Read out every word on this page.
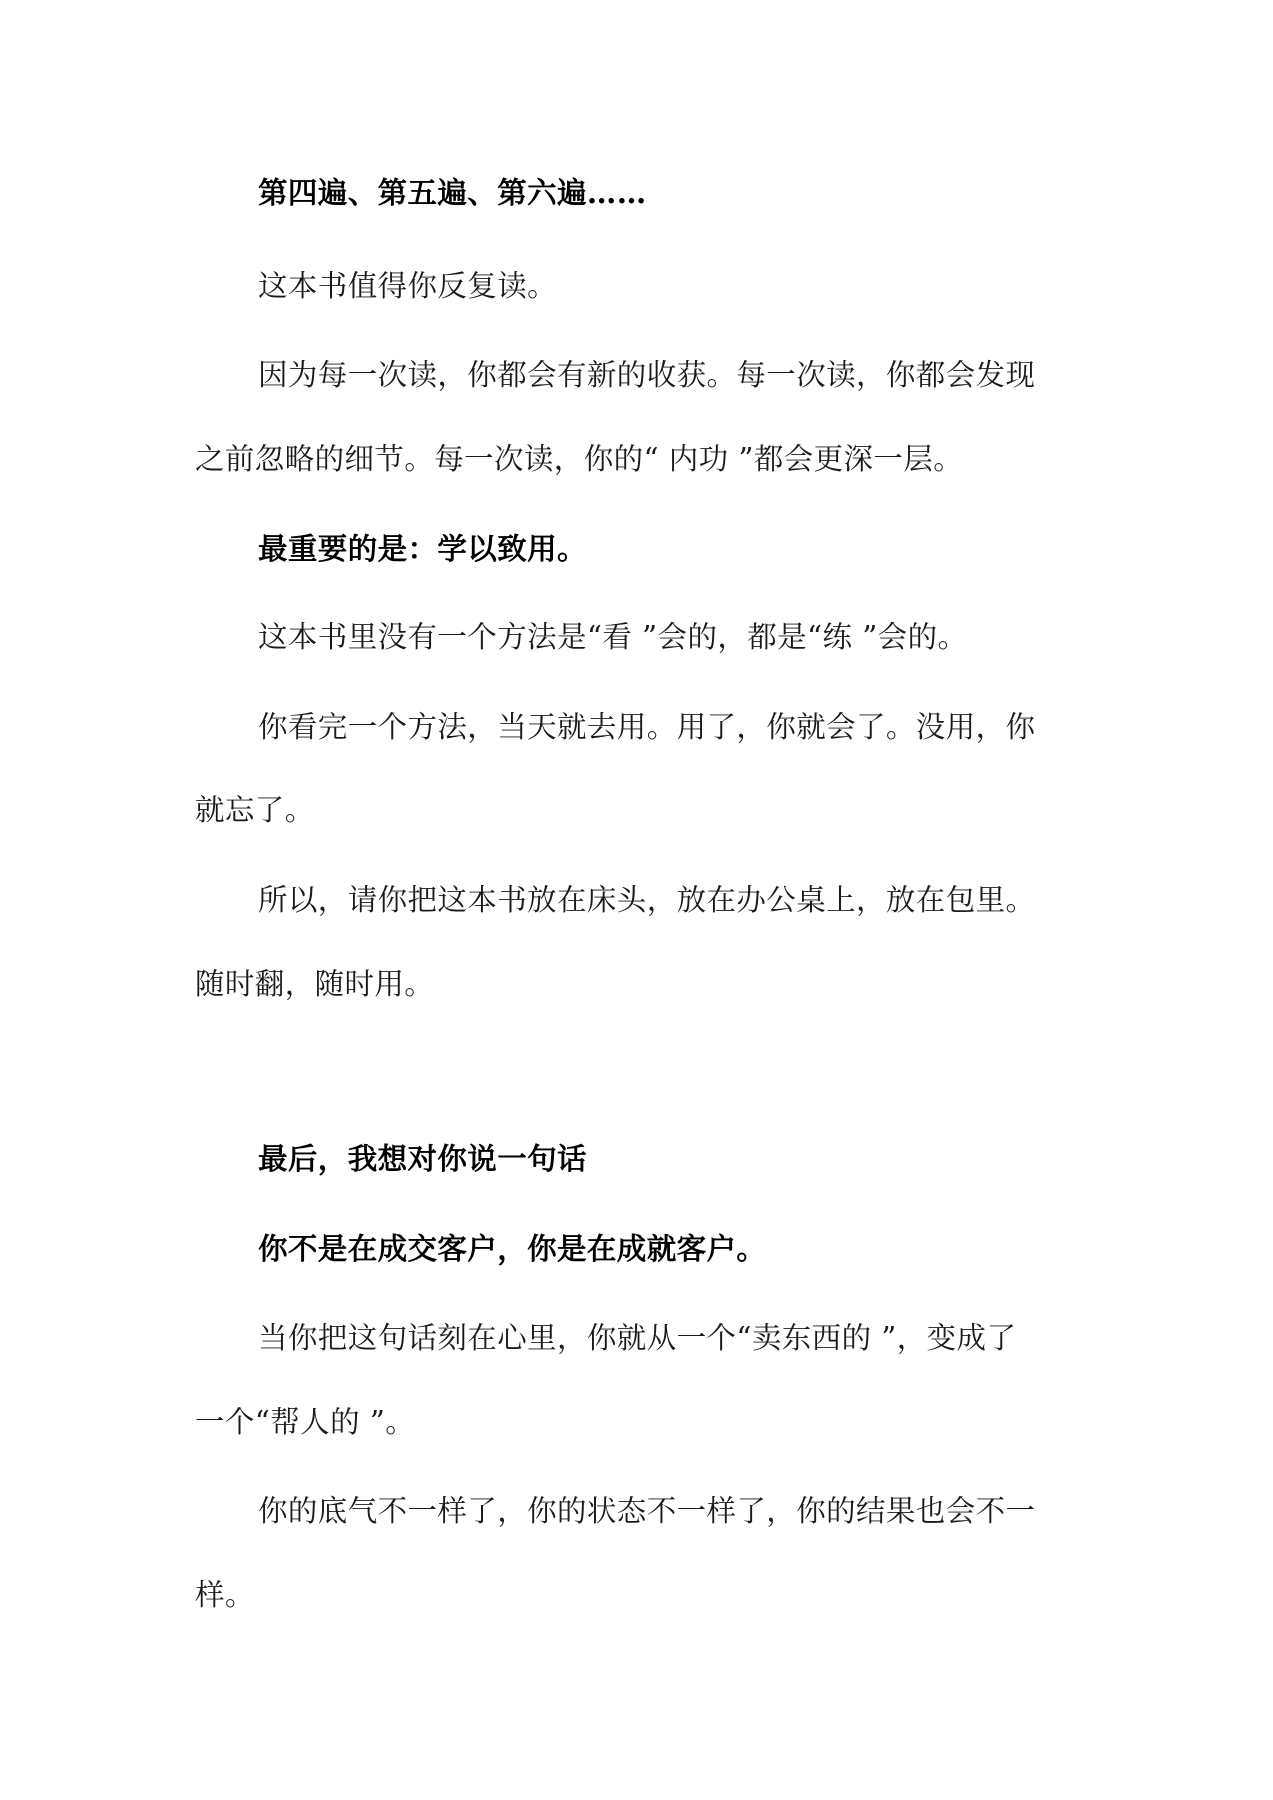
第四遍、第五遍、第六遍……
这本书值得你反复读。
因为每一次读，你都会有新的收获。每一次读，你都会发现
之前忽略的细节。每一次读，你的“ 内功 ”都会更深一层。
最重要的是：学以致用。
这本书里没有一个方法是“看 ”会的，都是“练 ”会的。
你看完一个方法，当天就去用。用了，你就会了。没用，你
就忘了。
所以，请你把这本书放在床头，放在办公桌上，放在包里。
随时翻，随时用。
最后，我想对你说一句话
你不是在成交客户，你是在成就客户。
当你把这句话刻在心里，你就从一个“卖东西的 ”，变成了
一个“帮人的 ”。
你的底气不一样了，你的状态不一样了，你的结果也会不一
样。
